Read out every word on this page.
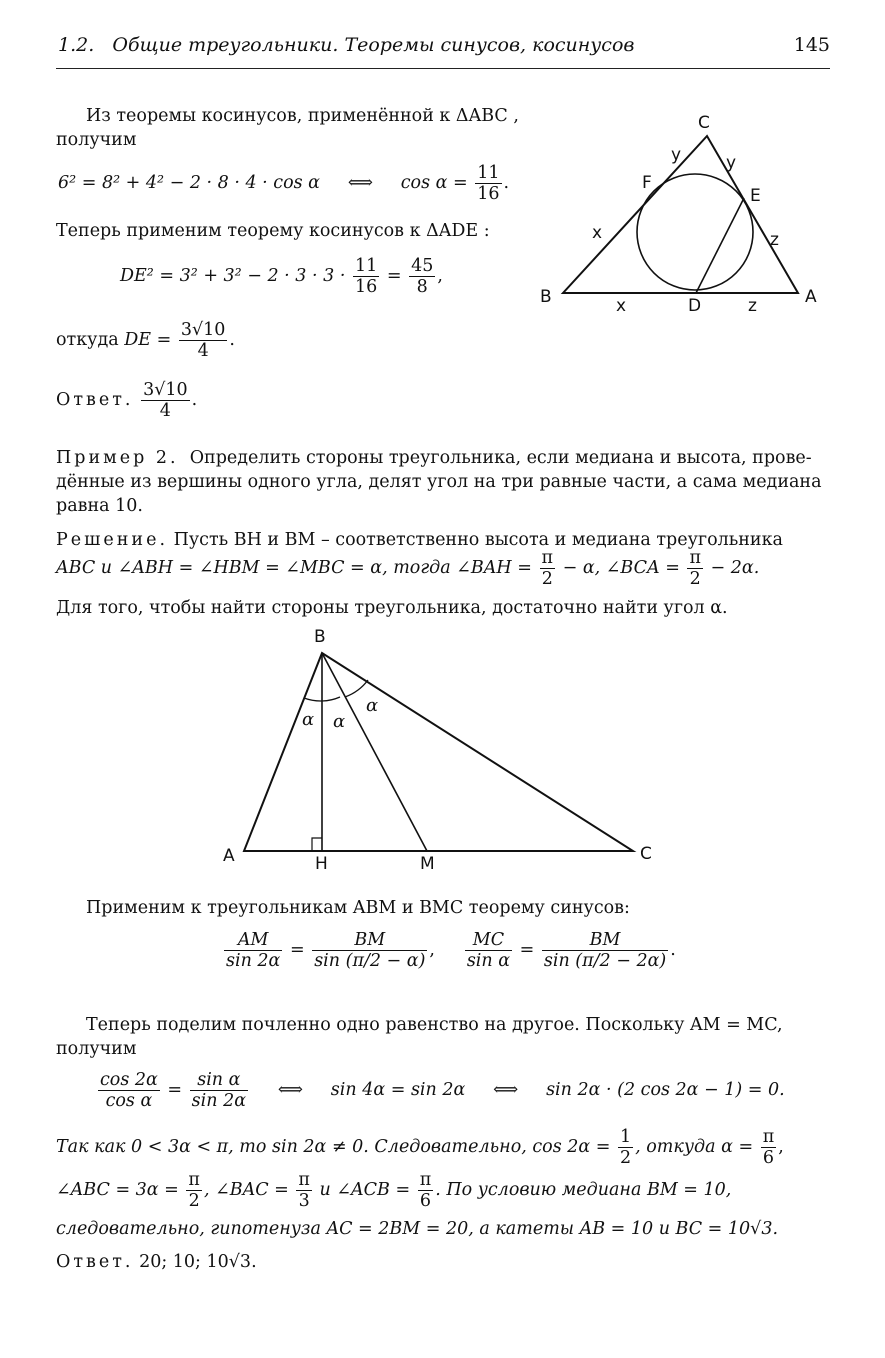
1.2. Общие треугольники. Теоремы синусов, косинусов	145
Из теоремы косинусов, применённой к ΔABC ,
получим
6² = 8² + 4² − 2 · 8 · 4 · cos α ⟺ $\cos \alpha = \frac{11}{16}$ .
Теперь применим теорему косинусов к ΔADE :
$DE^2 = 3^2 + 3^2 - 2 \cdot 3 \cdot 3 \cdot \frac{11}{16} = \frac{45}{8}$ ,
откуда DE = $\frac{3√10}{4}$ .
Ответ. $\frac{3√10}{4}$ .
C
y	y
F
E
x	z
B	x	D	z	A
Пример 2. Определить стороны треугольника, если медиана и высота, прове-
дённые из вершины одного угла, делят угол на три равные части, а сама медиана
равна 10.
Решение. Пусть BH и BM – соответственно высота и медиана треугольника
ABC и ∠ABH = ∠HBM = ∠MBC = α, тогда ∠BAH = $\frac{\pi}{2} - \alpha$, ∠BCA = $\frac{\pi}{2} - 2\alpha$.
Для того, чтобы найти стороны треугольника, достаточно найти угол α.
B
α α
α
A	H	M	C
Применим к треугольникам ABM и BMC теорему синусов:
$\frac{AM}{\sin 2\alpha} = \frac{BM}{\sin (\pi/2 - \alpha)}$ , $\frac{MC}{\text{sin α}} = \frac{BM}{\sin (\pi/2 - 2\alpha)}$ .
Теперь поделим почленно одно равенство на другое. Поскольку AM = MC,
получим
$\frac{\cos 2\alpha}{\text{cos α}} = \frac{\text{sin α}}{\sin 2\alpha}$ ⟺ sin 4α = sin 2α ⟺ sin 2α · (2 cos 2α − 1) = 0.
Так как 0 < 3α < π, то sin 2α ≠ 0. Следовательно, $\cos 2\alpha = \frac{1}{2}$ , откуда $\alpha = \frac{\pi}{6}$ ,
∠ABC = $3\alpha = \frac{\pi}{2}$ , ∠BAC = $\frac{\pi}{3}$ и ∠ACB = $\frac{\pi}{6}$ . По условию медиана BM = 10,
следовательно, гипотенуза AC = 2BM = 20, а катеты AB = 10 и BC = 10√3.
Ответ. 20; 10; 10√3.
